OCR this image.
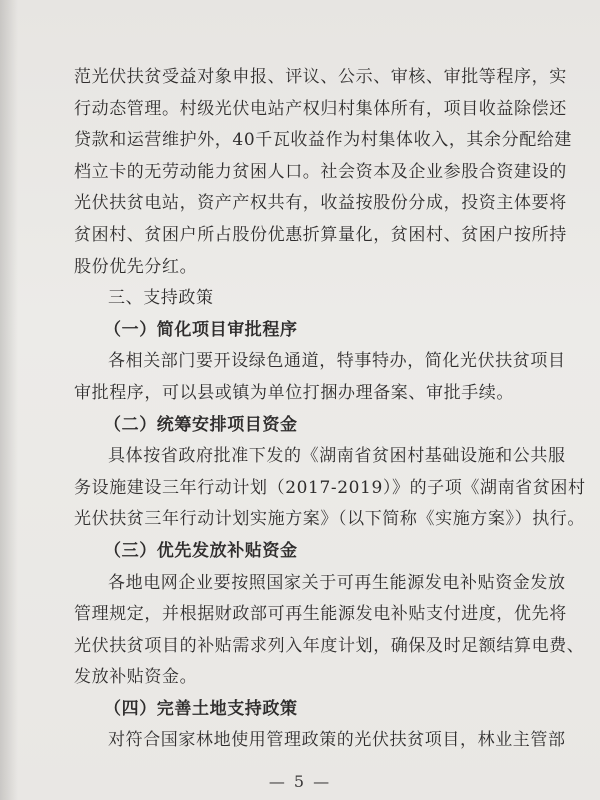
范光伏扶贫受益对象申报、评议、公示、审核、审批等程序，实
行动态管理。村级光伏电站产权归村集体所有，项目收益除偿还
贷款和运营维护外，40千瓦收益作为村集体收入，其余分配给建
档立卡的无劳动能力贫困人口。社会资本及企业参股合资建设的
光伏扶贫电站，资产产权共有，收益按股份分成，投资主体要将
贫困村、贫困户所占股份优惠折算量化，贫困村、贫困户按所持
股份优先分红。
三、支持政策
（一）简化项目审批程序
各相关部门要开设绿色通道，特事特办，简化光伏扶贫项目
审批程序，可以县或镇为单位打捆办理备案、审批手续。
（二）统筹安排项目资金
具体按省政府批准下发的《湖南省贫困村基础设施和公共服
务设施建设三年行动计划（2017-2019）》的子项《湖南省贫困村
光伏扶贫三年行动计划实施方案》（以下简称《实施方案》）执行。
（三）优先发放补贴资金
各地电网企业要按照国家关于可再生能源发电补贴资金发放
管理规定，并根据财政部可再生能源发电补贴支付进度，优先将
光伏扶贫项目的补贴需求列入年度计划，确保及时足额结算电费、
发放补贴资金。
（四）完善土地支持政策
对符合国家林地使用管理政策的光伏扶贫项目，林业主管部
— 5 —
